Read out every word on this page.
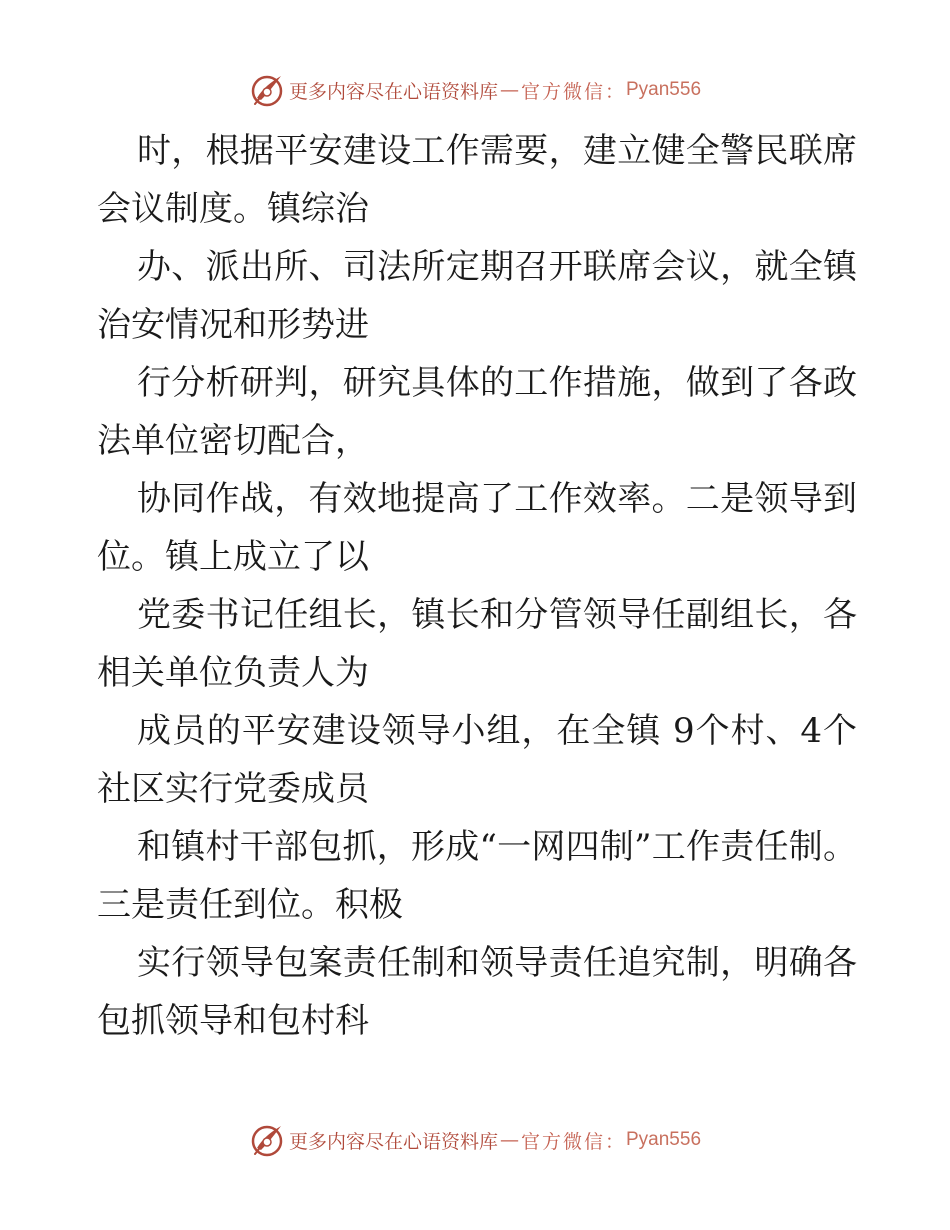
更多内容尽在心语资料库 — 官方微信： Pyan556

时，根据平安建设工作需要，建立健全警民联席会议制度。镇综治

办、派出所、司法所定期召开联席会议，就全镇治安情况和形势进

行分析研判，研究具体的工作措施，做到了各政法单位密切配合，

协同作战，有效地提高了工作效率。二是领导到位。镇上成立了以

党委书记任组长，镇长和分管领导任副组长，各相关单位负责人为

成员的平安建设领导小组，在全镇 9个村、4个社区实行党委成员

和镇村干部包抓，形成“一网四制”工作责任制。三是责任到位。积极

实行领导包案责任制和领导责任追究制，明确各包抓领导和包村科

更多内容尽在心语资料库 — 官方微信： Pyan556
